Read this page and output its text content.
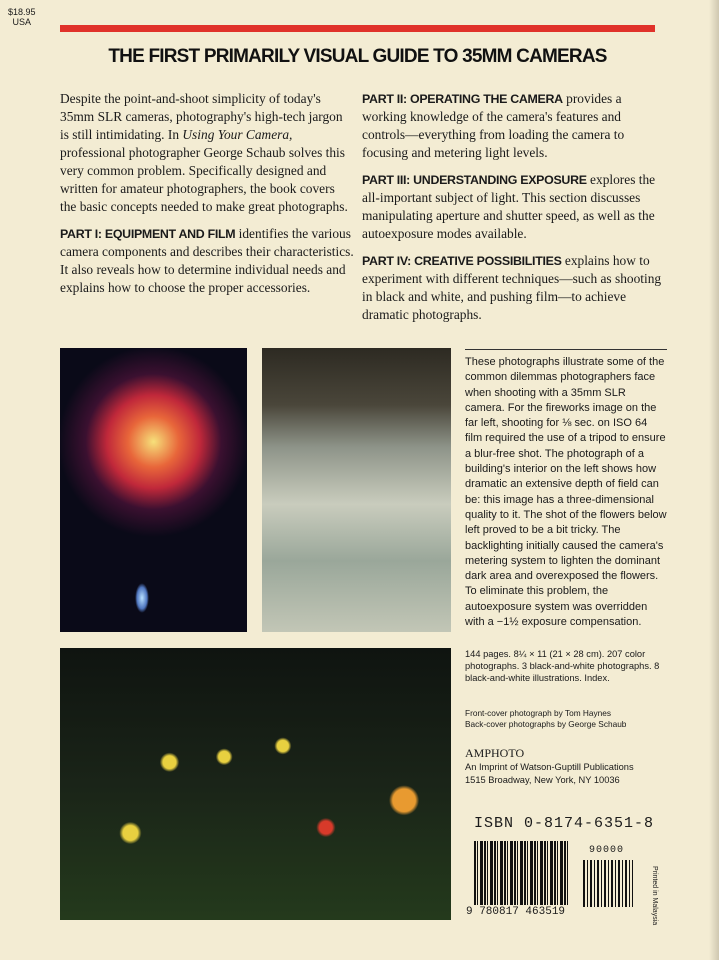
$18.95
USA
THE FIRST PRIMARILY VISUAL GUIDE TO 35MM CAMERAS

Despite the point-and-shoot simplicity of today's 35mm SLR cameras, photography's high-tech jargon is still intimidating. In Using Your Camera, professional photographer George Schaub solves this very common problem. Specifically designed and written for amateur photographers, the book covers the basic concepts needed to make great photographs.

PART I: EQUIPMENT AND FILM identifies the various camera components and describes their characteristics. It also reveals how to determine individual needs and explains how to choose the proper accessories.

PART II: OPERATING THE CAMERA provides a working knowledge of the camera's features and controls—everything from loading the camera to focusing and metering light levels.

PART III: UNDERSTANDING EXPOSURE explores the all-important subject of light. This section discusses manipulating aperture and shutter speed, as well as the autoexposure modes available.

PART IV: CREATIVE POSSIBILITIES explains how to experiment with different techniques—such as shooting in black and white, and pushing film—to achieve dramatic photographs.

These photographs illustrate some of the common dilemmas photographers face when shooting with a 35mm SLR camera. For the fireworks image on the far left, shooting for ⅛ sec. on ISO 64 film required the use of a tripod to ensure a blur-free shot. The photograph of a building's interior on the left shows how dramatic an extensive depth of field can be: this image has a three-dimensional quality to it. The shot of the flowers below left proved to be a bit tricky. The backlighting initially caused the camera's metering system to lighten the dominant dark area and overexposed the flowers. To eliminate this problem, the autoexposure system was overridden with a −1½ exposure compensation.
144 pages. 8¼ × 11 (21 × 28 cm). 207 color photographs. 3 black-and-white photographs. 8 black-and-white illustrations. Index.
Front-cover photograph by Tom Haynes
Back-cover photographs by George Schaub
AMPHOTO
An Imprint of Watson-Guptill Publications
1515 Broadway, New York, NY 10036
ISBN 0-8174-6351-8
9 780817 463519
90000
Printed in Malaysia
